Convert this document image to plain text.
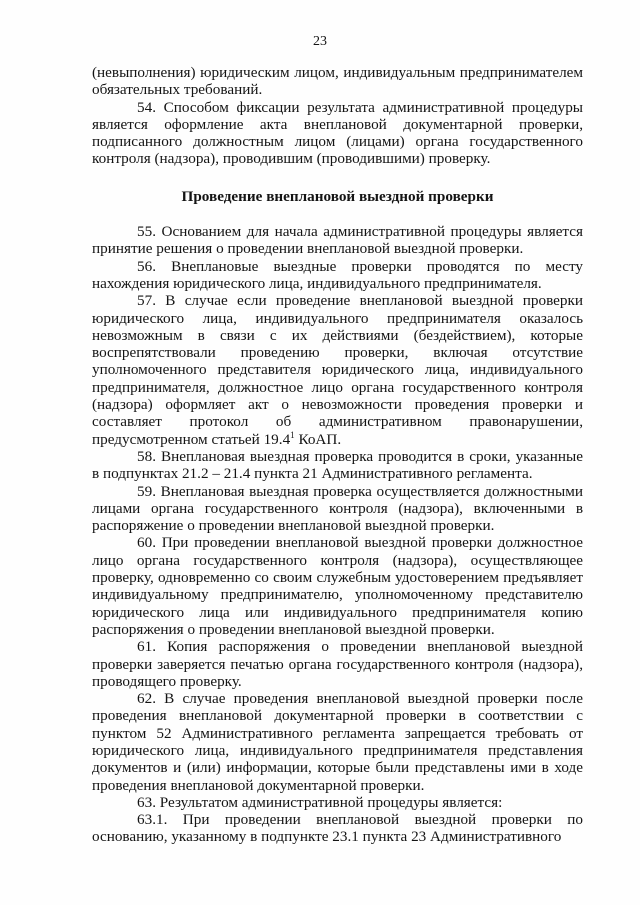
23

(невыполнения) юридическим лицом, индивидуальным предпринимателем обязательных требований.

54. Способом фиксации результата административной процедуры является оформление акта внеплановой документарной проверки, подписанного должностным лицом (лицами) органа государственного контроля (надзора), проводившим (проводившими) проверку.

Проведение внеплановой выездной проверки

55. Основанием для начала административной процедуры является принятие решения о проведении внеплановой выездной проверки.

56. Внеплановые выездные проверки проводятся по месту нахождения юридического лица, индивидуального предпринимателя.

57. В случае если проведение внеплановой выездной проверки юридического лица, индивидуального предпринимателя оказалось невозможным в связи с их действиями (бездействием), которые воспрепятствовали проведению проверки, включая отсутствие уполномоченного представителя юридического лица, индивидуального предпринимателя, должностное лицо органа государственного контроля (надзора) оформляет акт о невозможности проведения проверки и составляет протокол об административном правонарушении, предусмотренном статьей 19.4$^1$ КоАП.

58. Внеплановая выездная проверка проводится в сроки, указанные в подпунктах 21.2 – 21.4 пункта 21 Административного регламента.

59. Внеплановая выездная проверка осуществляется должностными лицами органа государственного контроля (надзора), включенными в распоряжение о проведении внеплановой выездной проверки.

60. При проведении внеплановой выездной проверки должностное лицо органа государственного контроля (надзора), осуществляющее проверку, одновременно со своим служебным удостоверением предъявляет индивидуальному предпринимателю, уполномоченному представителю юридического лица или индивидуального предпринимателя копию распоряжения о проведении внеплановой выездной проверки.

61. Копия распоряжения о проведении внеплановой выездной проверки заверяется печатью органа государственного контроля (надзора), проводящего проверку.

62. В случае проведения внеплановой выездной проверки после проведения внеплановой документарной проверки в соответствии с пунктом 52 Административного регламента запрещается требовать от юридического лица, индивидуального предпринимателя представления документов и (или) информации, которые были представлены ими в ходе проведения внеплановой документарной проверки.

63. Результатом административной процедуры является:

63.1. При проведении внеплановой выездной проверки по основанию, указанному в подпункте 23.1 пункта 23 Административного
